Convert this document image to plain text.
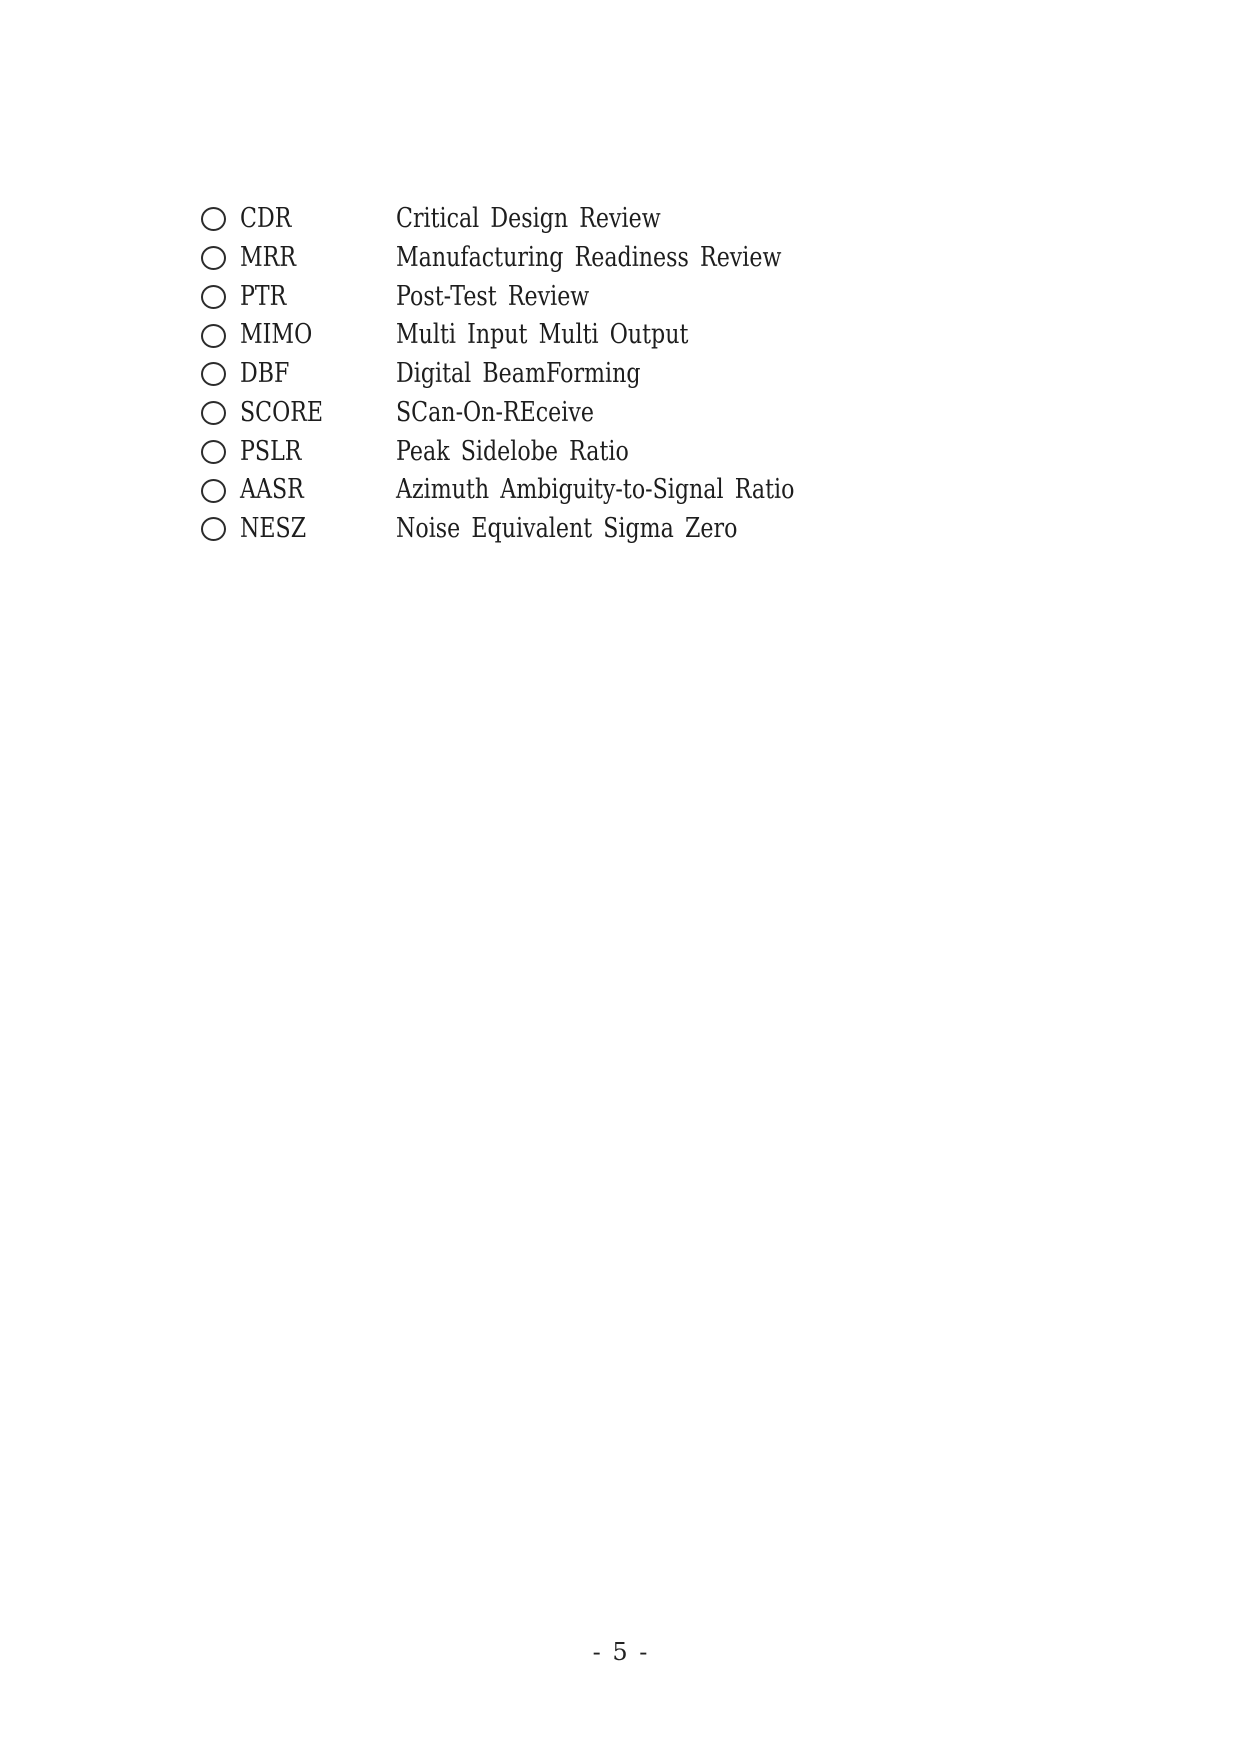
CDR	Critical Design Review
MRR	Manufacturing Readiness Review
PTR	Post-Test Review
MIMO	Multi Input Multi Output
DBF	Digital BeamForming
SCORE	SCan-On-REceive
PSLR	Peak Sidelobe Ratio
AASR	Azimuth Ambiguity-to-Signal Ratio
NESZ	Noise Equivalent Sigma Zero
- 5 -
